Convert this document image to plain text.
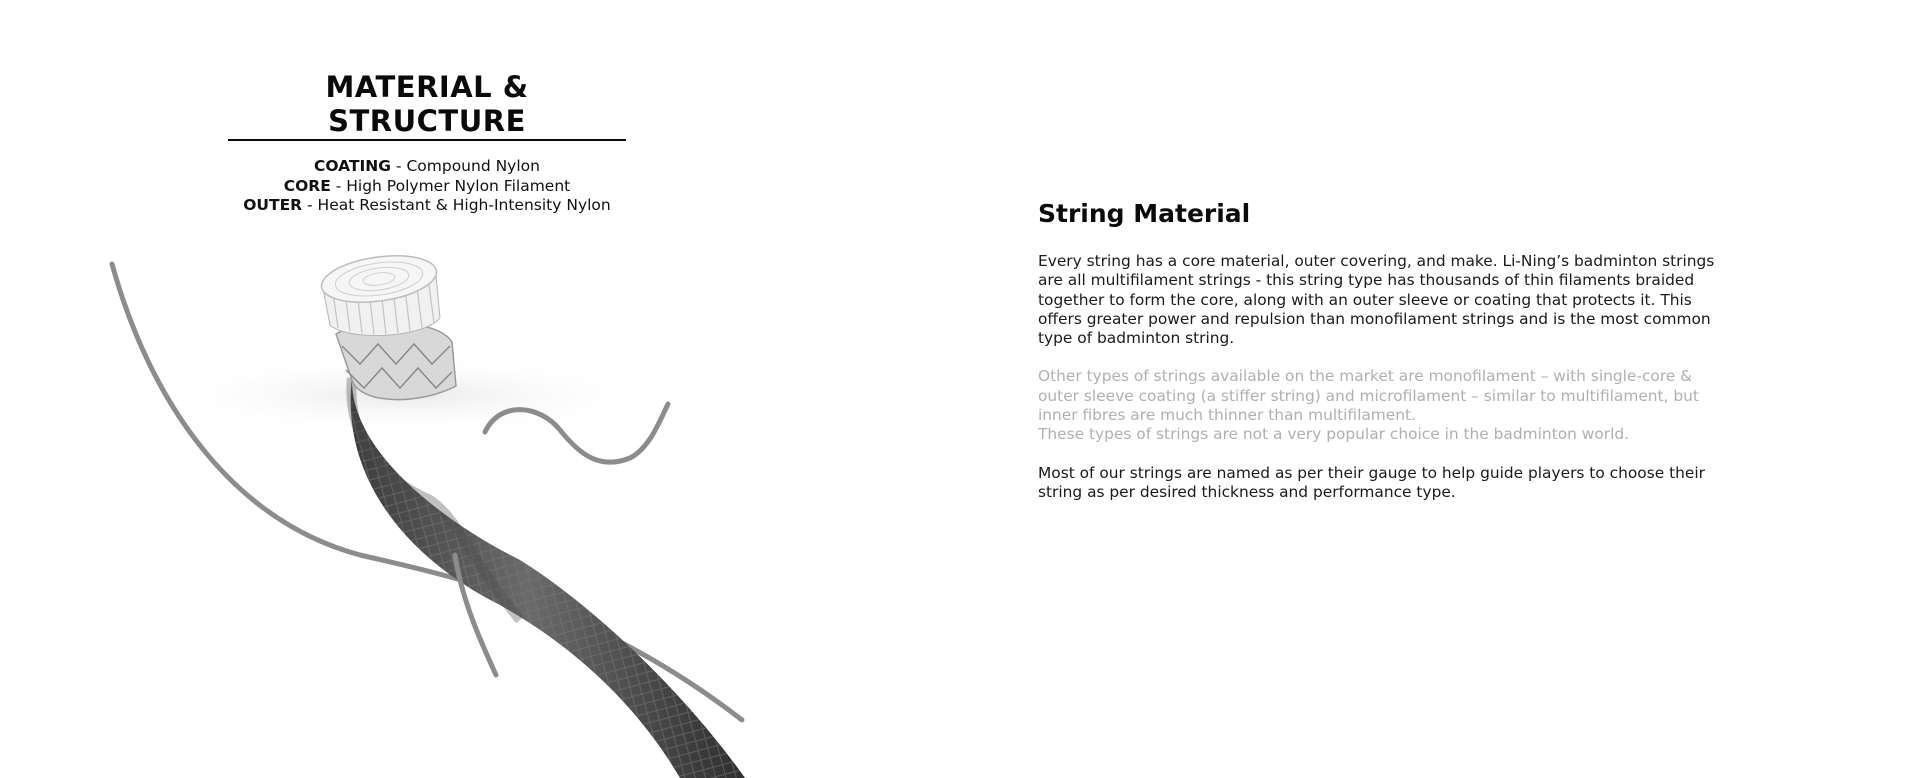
MATERIAL & STRUCTURE
COATING - Compound Nylon
CORE - High Polymer Nylon Filament
OUTER - Heat Resistant & High-Intensity Nylon	String Material

Every string has a core material, outer covering, and make. Li-Ning’s badminton strings are all multifilament strings - this string type has thousands of thin filaments braided together to form the core, along with an outer sleeve or coating that protects it. This offers greater power and repulsion than monofilament strings and is the most common type of badminton string.

Other types of strings available on the market are monofilament – with single-core & outer sleeve coating (a stiffer string) and microfilament – similar to multifilament, but inner fibres are much thinner than multifilament.

These types of strings are not a very popular choice in the badminton world.

Most of our strings are named as per their gauge to help guide players to choose their string as per desired thickness and performance type.
